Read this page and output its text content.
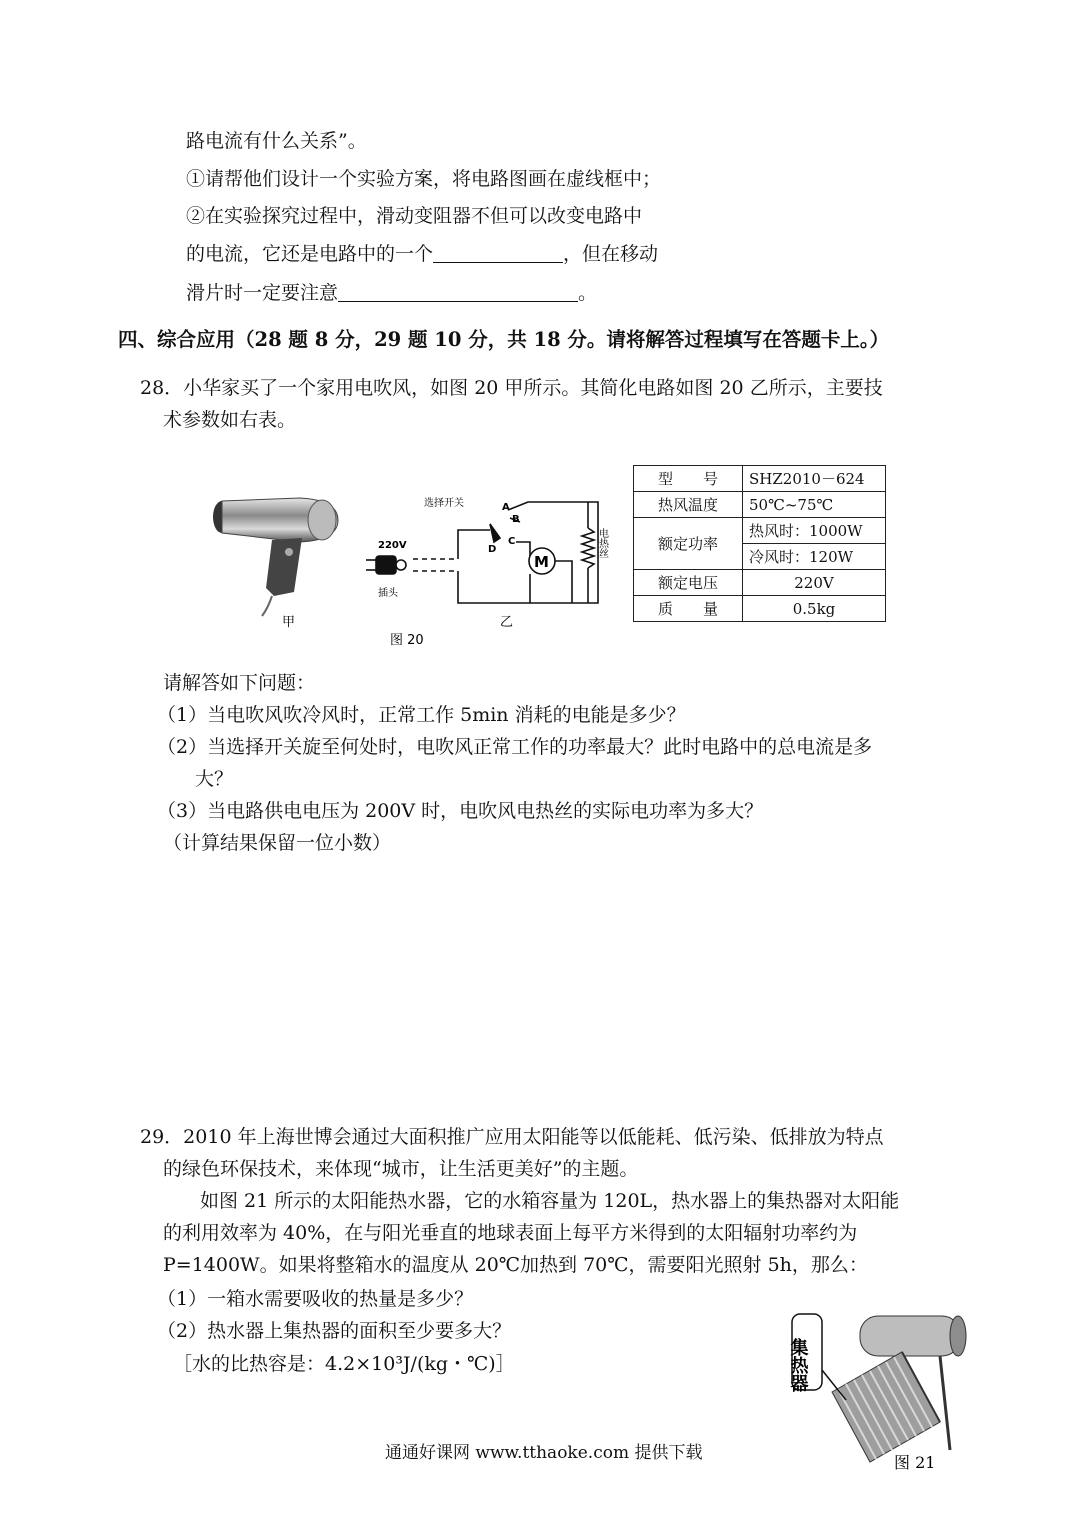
路电流有什么关系”。
①请帮他们设计一个实验方案，将电路图画在虚线框中；
②在实验探究过程中，滑动变阻器不但可以改变电路中
的电流，它还是电路中的一个	，但在移动
滑片时一定要注意	。
四、综合应用（28 题 8 分，29 题 10 分，共 18 分。请将解答过程填写在答题卡上。）
28．小华家买了一个家用电吹风，如图 20 甲所示。其简化电路如图 20 乙所示，主要技
术参数如右表。
甲
M
选择开关	A
B
C
D
220V
插头
电热丝
乙
图 20
型　　号	SHZ2010－624
热风温度	50℃~75℃
额定功率	热风时：1000W
	冷风时：120W
额定电压	220V
质　　量	0.5kg
请解答如下问题：
（1）当电吹风吹冷风时，正常工作 5min 消耗的电能是多少？
（2）当选择开关旋至何处时，电吹风正常工作的功率最大？此时电路中的总电流是多
大？
（3）当电路供电电压为 200V 时，电吹风电热丝的实际电功率为多大？
（计算结果保留一位小数）
29．2010 年上海世博会通过大面积推广应用太阳能等以低能耗、低污染、低排放为特点
的绿色环保技术，来体现“城市，让生活更美好”的主题。
如图 21 所示的太阳能热水器，它的水箱容量为 120L，热水器上的集热器对太阳能
的利用效率为 40%，在与阳光垂直的地球表面上每平方米得到的太阳辐射功率约为
P=1400W。如果将整箱水的温度从 20℃加热到 70℃，需要阳光照射 5h，那么：
（1）一箱水需要吸收的热量是多少？
（2）热水器上集热器的面积至少要多大？
［水的比热容是：4.2×10³J/(kg・℃)］	集热器
图 21
通通好课网 www.tthaoke.com 提供下载
